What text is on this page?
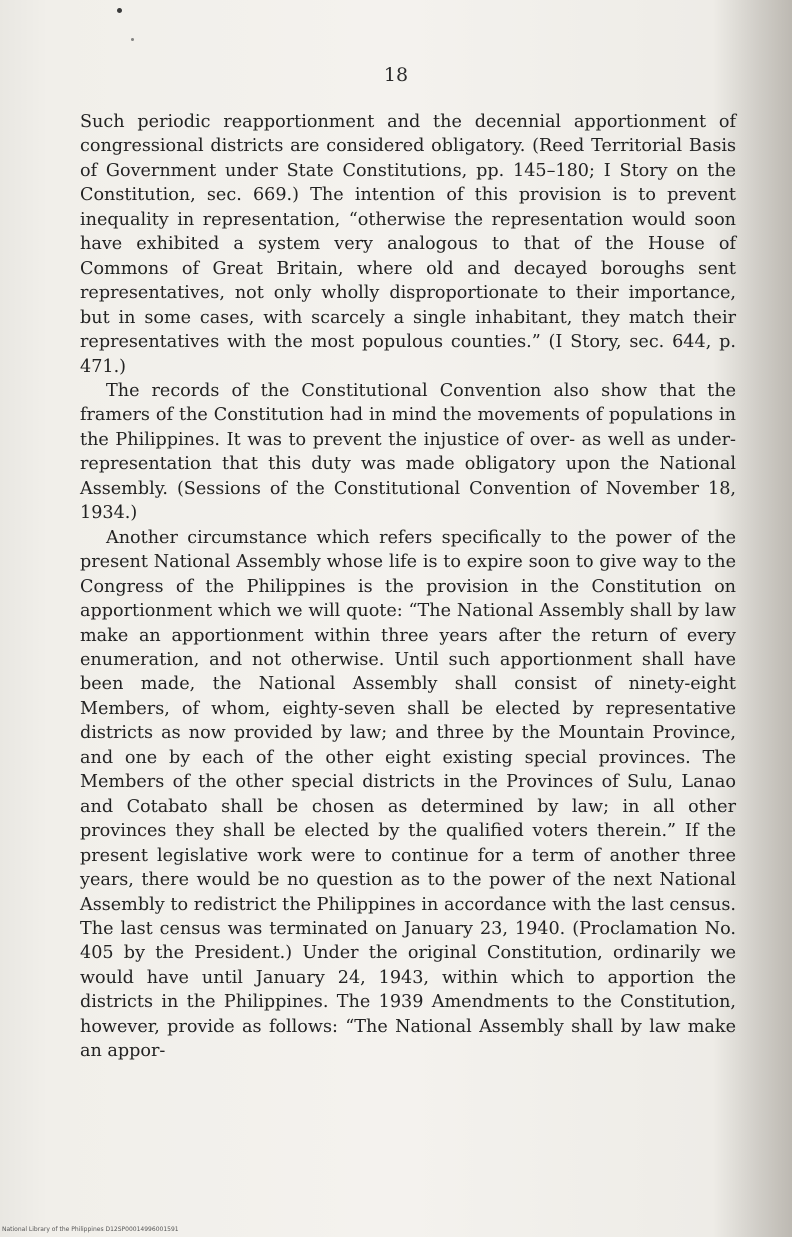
18

Such periodic reapportionment and the decennial apportionment of congressional districts are considered obligatory. (Reed Territorial Basis of Government under State Constitutions, pp. 145–180; I Story on the Constitution, sec. 669.) The intention of this provision is to prevent inequality in representation, “otherwise the representation would soon have exhibited a system very analogous to that of the House of Commons of Great Britain, where old and decayed boroughs sent representatives, not only wholly disproportionate to their importance, but in some cases, with scarcely a single inhabitant, they match their representatives with the most populous counties.” (I Story, sec. 644, p. 471.)

The records of the Constitutional Convention also show that the framers of the Constitution had in mind the movements of populations in the Philippines. It was to prevent the injustice of over- as well as under-representation that this duty was made obligatory upon the National Assembly. (Sessions of the Constitutional Convention of November 18, 1934.)

Another circumstance which refers specifically to the power of the present National Assembly whose life is to expire soon to give way to the Congress of the Philippines is the provision in the Constitution on apportionment which we will quote: “The National Assembly shall by law make an apportionment within three years after the return of every enumeration, and not otherwise. Until such apportionment shall have been made, the National Assembly shall consist of ninety-eight Members, of whom, eighty-seven shall be elected by representative districts as now provided by law; and three by the Mountain Province, and one by each of the other eight existing special provinces. The Members of the other special districts in the Provinces of Sulu, Lanao and Cotabato shall be chosen as determined by law; in all other provinces they shall be elected by the qualified voters therein.” If the present legislative work were to continue for a term of another three years, there would be no question as to the power of the next National Assembly to redistrict the Philippines in accordance with the last census. The last census was terminated on January 23, 1940. (Proclamation No. 405 by the President.) Under the original Constitution, ordinarily we would have until January 24, 1943, within which to apportion the districts in the Philippines. The 1939 Amendments to the Constitution, however, provide as follows: “The National Assembly shall by law make an appor-

National Library of the Philippines D12SP00014996001591
